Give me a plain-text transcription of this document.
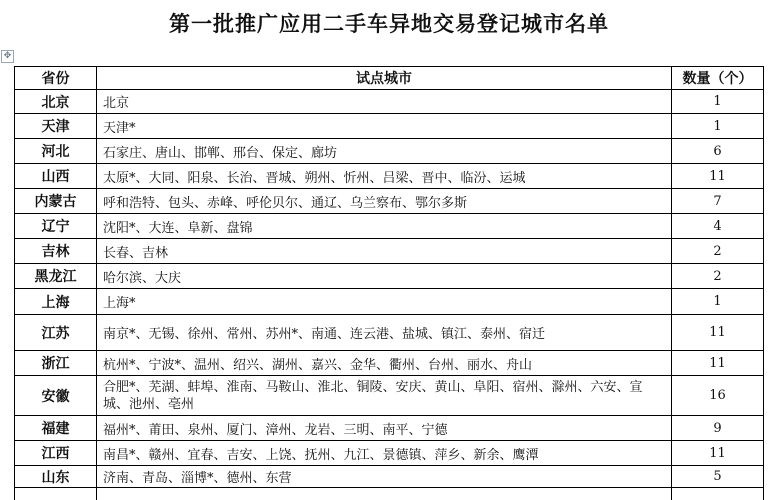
第一批推广应用二手车异地交易登记城市名单
✥
省份	试点城市	数量（个）
北京	北京	1
天津	天津*	1
河北	石家庄、唐山、邯郸、邢台、保定、廊坊	6
山西	太原*、大同、阳泉、长治、晋城、朔州、忻州、吕梁、晋中、临汾、运城	11
内蒙古	呼和浩特、包头、赤峰、呼伦贝尔、通辽、乌兰察布、鄂尔多斯	7
辽宁	沈阳*、大连、阜新、盘锦	4
吉林	长春、吉林	2
黑龙江	哈尔滨、大庆	2
上海	上海*	1
江苏	南京*、无锡、徐州、常州、苏州*、南通、连云港、盐城、镇江、泰州、宿迁	11
浙江	杭州*、宁波*、温州、绍兴、湖州、嘉兴、金华、衢州、台州、丽水、舟山	11
安徽	合肥*、芜湖、蚌埠、淮南、马鞍山、淮北、铜陵、安庆、黄山、阜阳、宿州、滁州、六安、宣城、池州、亳州	16
福建	福州*、莆田、泉州、厦门、漳州、龙岩、三明、南平、宁德	9
江西	南昌*、赣州、宜春、吉安、上饶、抚州、九江、景德镇、萍乡、新余、鹰潭	11
山东	济南、青岛、淄博*、德州、东营	5
